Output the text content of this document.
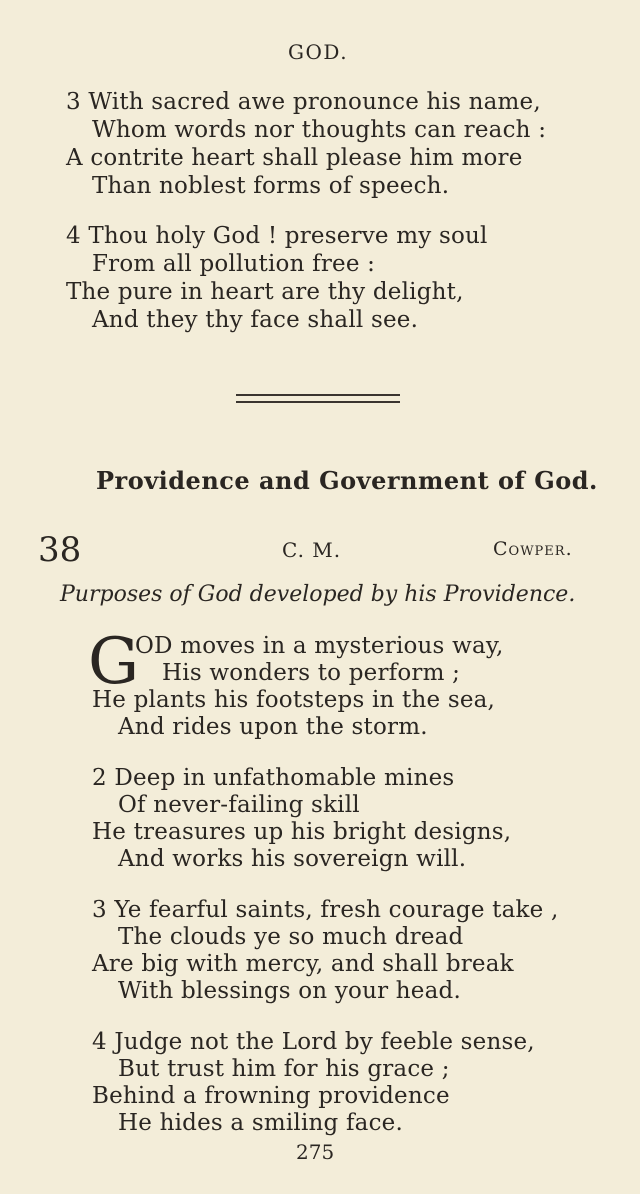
GOD.
3 With sacred awe pronounce his name,
Whom words nor thoughts can reach :
A contrite heart shall please him more
Than noblest forms of speech.
4 Thou holy God ! preserve my soul
From all pollution free :
The pure in heart are thy delight,
And they thy face shall see.
Providence and Government of God.
38	C. M.	Cowper.
Purposes of God developed by his Providence.
G
OD moves in a mysterious way,
His wonders to perform ;
He plants his footsteps in the sea,
And rides upon the storm.
2 Deep in unfathomable mines
Of never-failing skill
He treasures up his bright designs,
And works his sovereign will.
3 Ye fearful saints, fresh courage take ,
The clouds ye so much dread
Are big with mercy, and shall break
With blessings on your head.
4 Judge not the Lord by feeble sense,
But trust him for his grace ;
Behind a frowning providence
He hides a smiling face.
275
